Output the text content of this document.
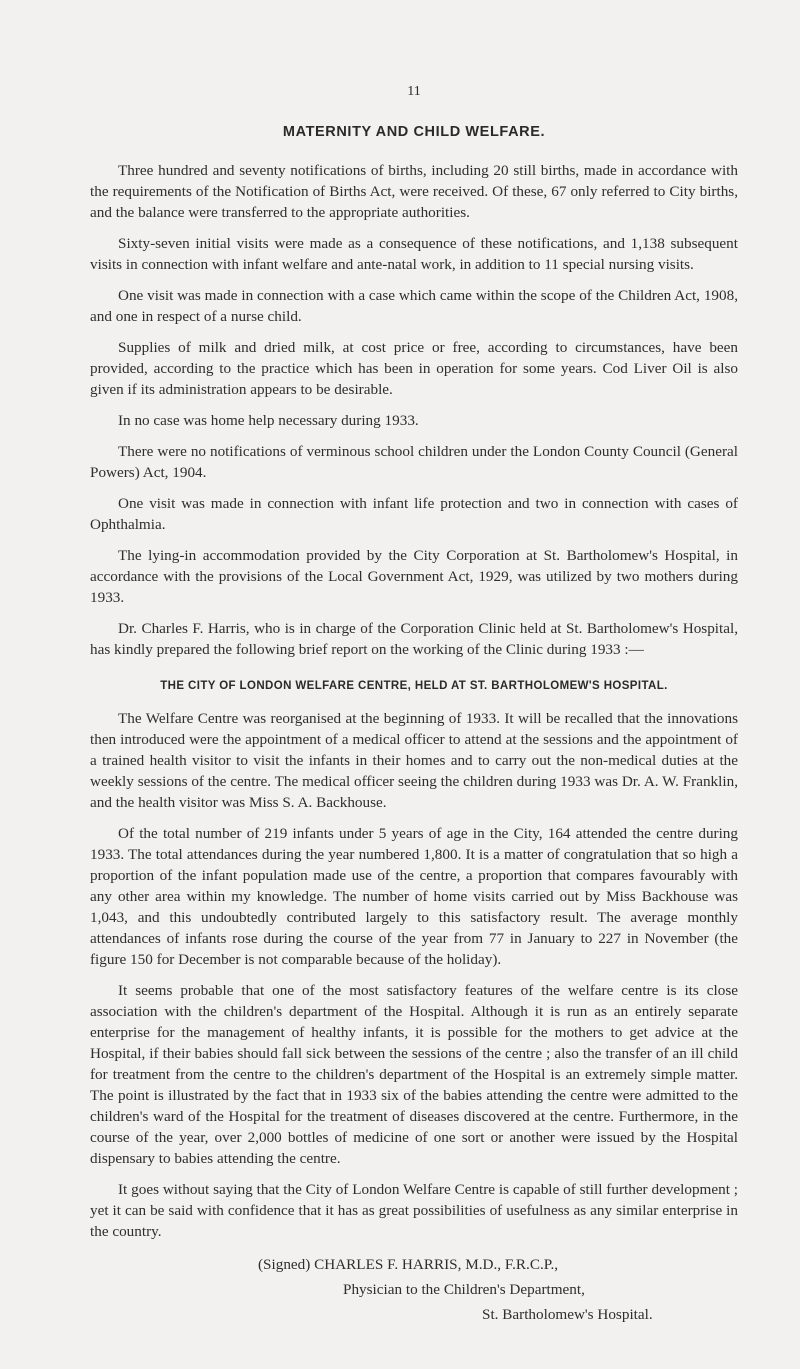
11
MATERNITY AND CHILD WELFARE.

Three hundred and seventy notifications of births, including 20 still births, made in accordance with the requirements of the Notification of Births Act, were received. Of these, 67 only referred to City births, and the balance were transferred to the appropriate authorities.

Sixty-seven initial visits were made as a consequence of these notifications, and 1,138 subsequent visits in connection with infant welfare and ante-natal work, in addition to 11 special nursing visits.

One visit was made in connection with a case which came within the scope of the Children Act, 1908, and one in respect of a nurse child.

Supplies of milk and dried milk, at cost price or free, according to circumstances, have been provided, according to the practice which has been in operation for some years. Cod Liver Oil is also given if its administration appears to be desirable.

In no case was home help necessary during 1933.

There were no notifications of verminous school children under the London County Council (General Powers) Act, 1904.

One visit was made in connection with infant life protection and two in connection with cases of Ophthalmia.

The lying-in accommodation provided by the City Corporation at St. Bartholomew's Hospital, in accordance with the provisions of the Local Government Act, 1929, was utilized by two mothers during 1933.

Dr. Charles F. Harris, who is in charge of the Corporation Clinic held at St. Bartholomew's Hospital, has kindly prepared the following brief report on the working of the Clinic during 1933 :—

THE CITY OF LONDON WELFARE CENTRE, HELD AT ST. BARTHOLOMEW'S HOSPITAL.

The Welfare Centre was reorganised at the beginning of 1933. It will be recalled that the innovations then introduced were the appointment of a medical officer to attend at the sessions and the appointment of a trained health visitor to visit the infants in their homes and to carry out the non-medical duties at the weekly sessions of the centre. The medical officer seeing the children during 1933 was Dr. A. W. Franklin, and the health visitor was Miss S. A. Backhouse.

Of the total number of 219 infants under 5 years of age in the City, 164 attended the centre during 1933. The total attendances during the year numbered 1,800. It is a matter of congratulation that so high a proportion of the infant population made use of the centre, a proportion that compares favourably with any other area within my knowledge. The number of home visits carried out by Miss Backhouse was 1,043, and this undoubtedly contributed largely to this satisfactory result. The average monthly attendances of infants rose during the course of the year from 77 in January to 227 in November (the figure 150 for December is not comparable because of the holiday).

It seems probable that one of the most satisfactory features of the welfare centre is its close association with the children's department of the Hospital. Although it is run as an entirely separate enterprise for the management of healthy infants, it is possible for the mothers to get advice at the Hospital, if their babies should fall sick between the sessions of the centre ; also the transfer of an ill child for treatment from the centre to the children's department of the Hospital is an extremely simple matter. The point is illustrated by the fact that in 1933 six of the babies attending the centre were admitted to the children's ward of the Hospital for the treatment of diseases discovered at the centre. Furthermore, in the course of the year, over 2,000 bottles of medicine of one sort or another were issued by the Hospital dispensary to babies attending the centre.

It goes without saying that the City of London Welfare Centre is capable of still further development ; yet it can be said with confidence that it has as great possibilities of usefulness as any similar enterprise in the country.

(Signed) CHARLES F. HARRIS, M.D., F.R.C.P.,
Physician to the Children's Department,
St. Bartholomew's Hospital.
